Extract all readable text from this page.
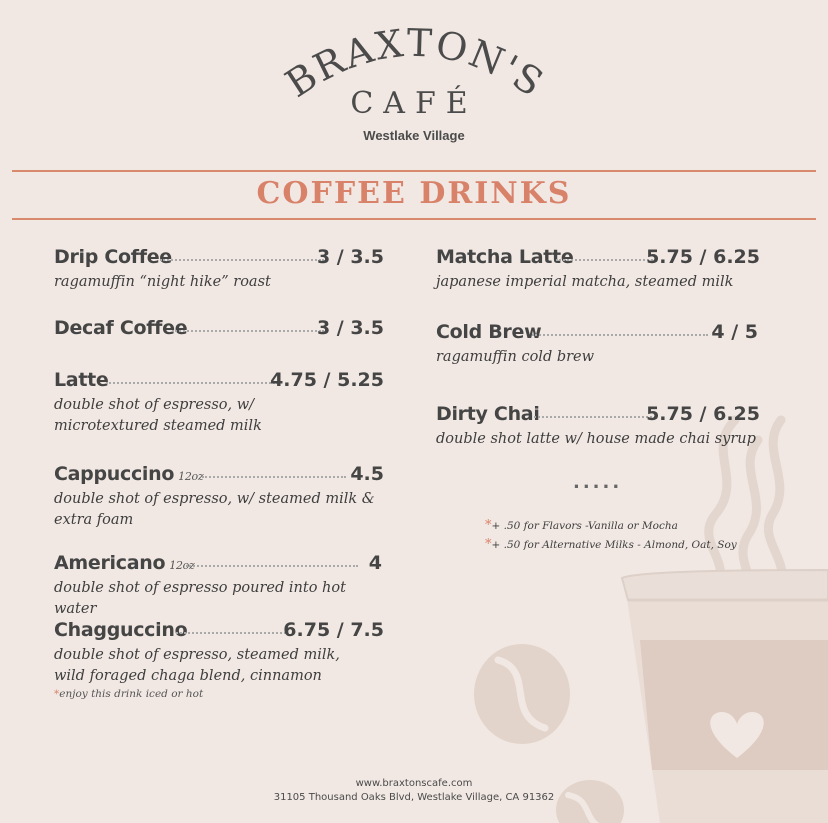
BRAXTON'S
CAFÉ
Westlake Village
COFFEE DRINKS
Drip Coffee	3 / 3.5
ragamuffin “night hike” roast
Decaf Coffee	3 / 3.5
Latte	4.75 / 5.25
double shot of espresso, w/ microtextured steamed milk
Cappuccino 12oz	4.5
double shot of espresso, w/ steamed milk & extra foam
Americano 12oz	4
double shot of espresso poured into hot water
Chagguccino	6.75 / 7.5
double shot of espresso, steamed milk, wild foraged chaga blend, cinnamon
*enjoy this drink iced or hot
Matcha Latte	5.75 / 6.25
japanese imperial matcha, steamed milk
Cold Brew	4 / 5
ragamuffin cold brew
Dirty Chai	5.75 / 6.25
double shot latte w/ house made chai syrup
.....
*+ .50 for Flavors -Vanilla or Mocha
*+ .50 for Alternative Milks - Almond, Oat, Soy
www.braxtonscafe.com
31105 Thousand Oaks Blvd, Westlake Village, CA 91362
